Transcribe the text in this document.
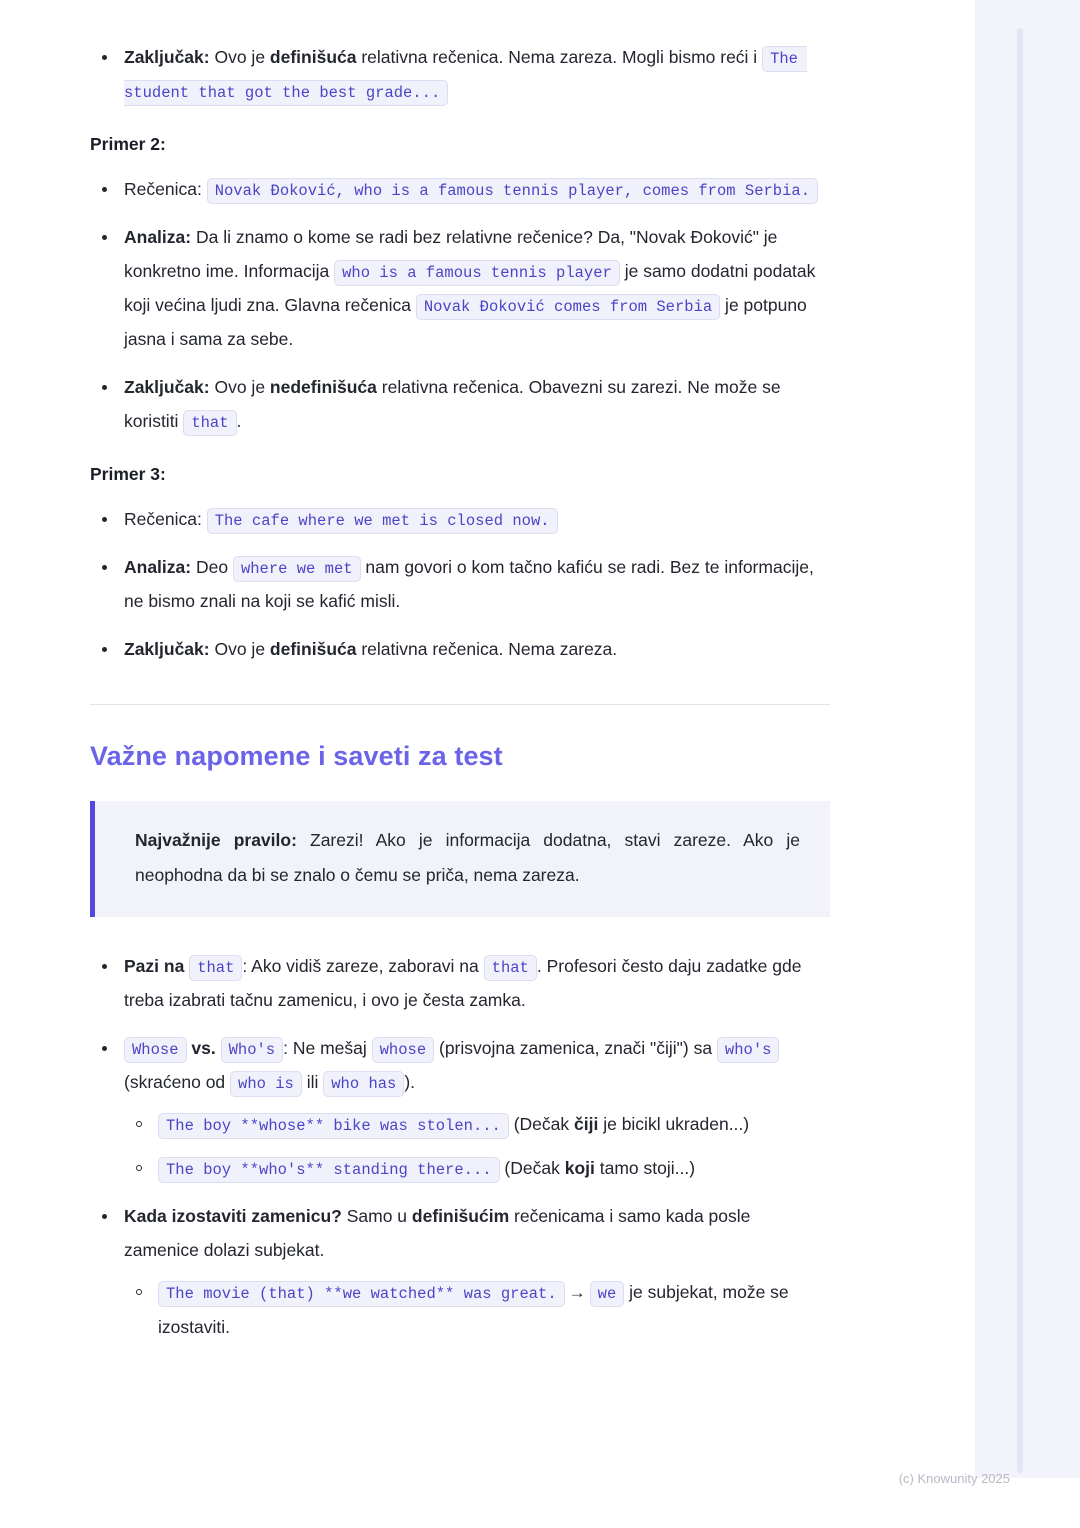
Zaključak: Ovo je definišuća relativna rečenica. Nema zareza. Mogli bismo reći i The student that got the best grade...
Primer 2:
Rečenica: Novak Đoković, who is a famous tennis player, comes from Serbia.
Analiza: Da li znamo o kome se radi bez relativne rečenice? Da, "Novak Đoković" je konkretno ime. Informacija who is a famous tennis player je samo dodatni podatak koji većina ljudi zna. Glavna rečenica Novak Đoković comes from Serbia je potpuno jasna i sama za sebe.
Zaključak: Ovo je nedefinišuća relativna rečenica. Obavezni su zarezi. Ne može se koristiti that .
Primer 3:
Rečenica: The cafe where we met is closed now.
Analiza: Deo where we met nam govori o kom tačno kafiću se radi. Bez te informacije, ne bismo znali na koji se kafić misli.
Zaključak: Ovo je definišuća relativna rečenica. Nema zareza.
Važne napomene i saveti za test
Najvažnije pravilo: Zarezi! Ako je informacija dodatna, stavi zareze. Ako je neophodna da bi se znalo o čemu se priča, nema zareza.
Pazi na that : Ako vidiš zareze, zaboravi na that . Profesori često daju zadatke gde treba izabrati tačnu zamenicu, i ovo je česta zamka.
Whose vs. Who's : Ne mešaj whose (prisvojna zamenica, znači "čiji") sa who's (skraćeno od who is ili who has ).
The boy **whose** bike was stolen... (Dečak čiji je bicikl ukraden...)
The boy **who's** standing there... (Dečak koji tamo stoji...)
Kada izostaviti zamenicu? Samo u definišućim rečenicama i samo kada posle zamenice dolazi subjekat.
The movie (that) **we watched** was great. → we je subjekat, može se izostaviti.
(c) Knowunity 2025
